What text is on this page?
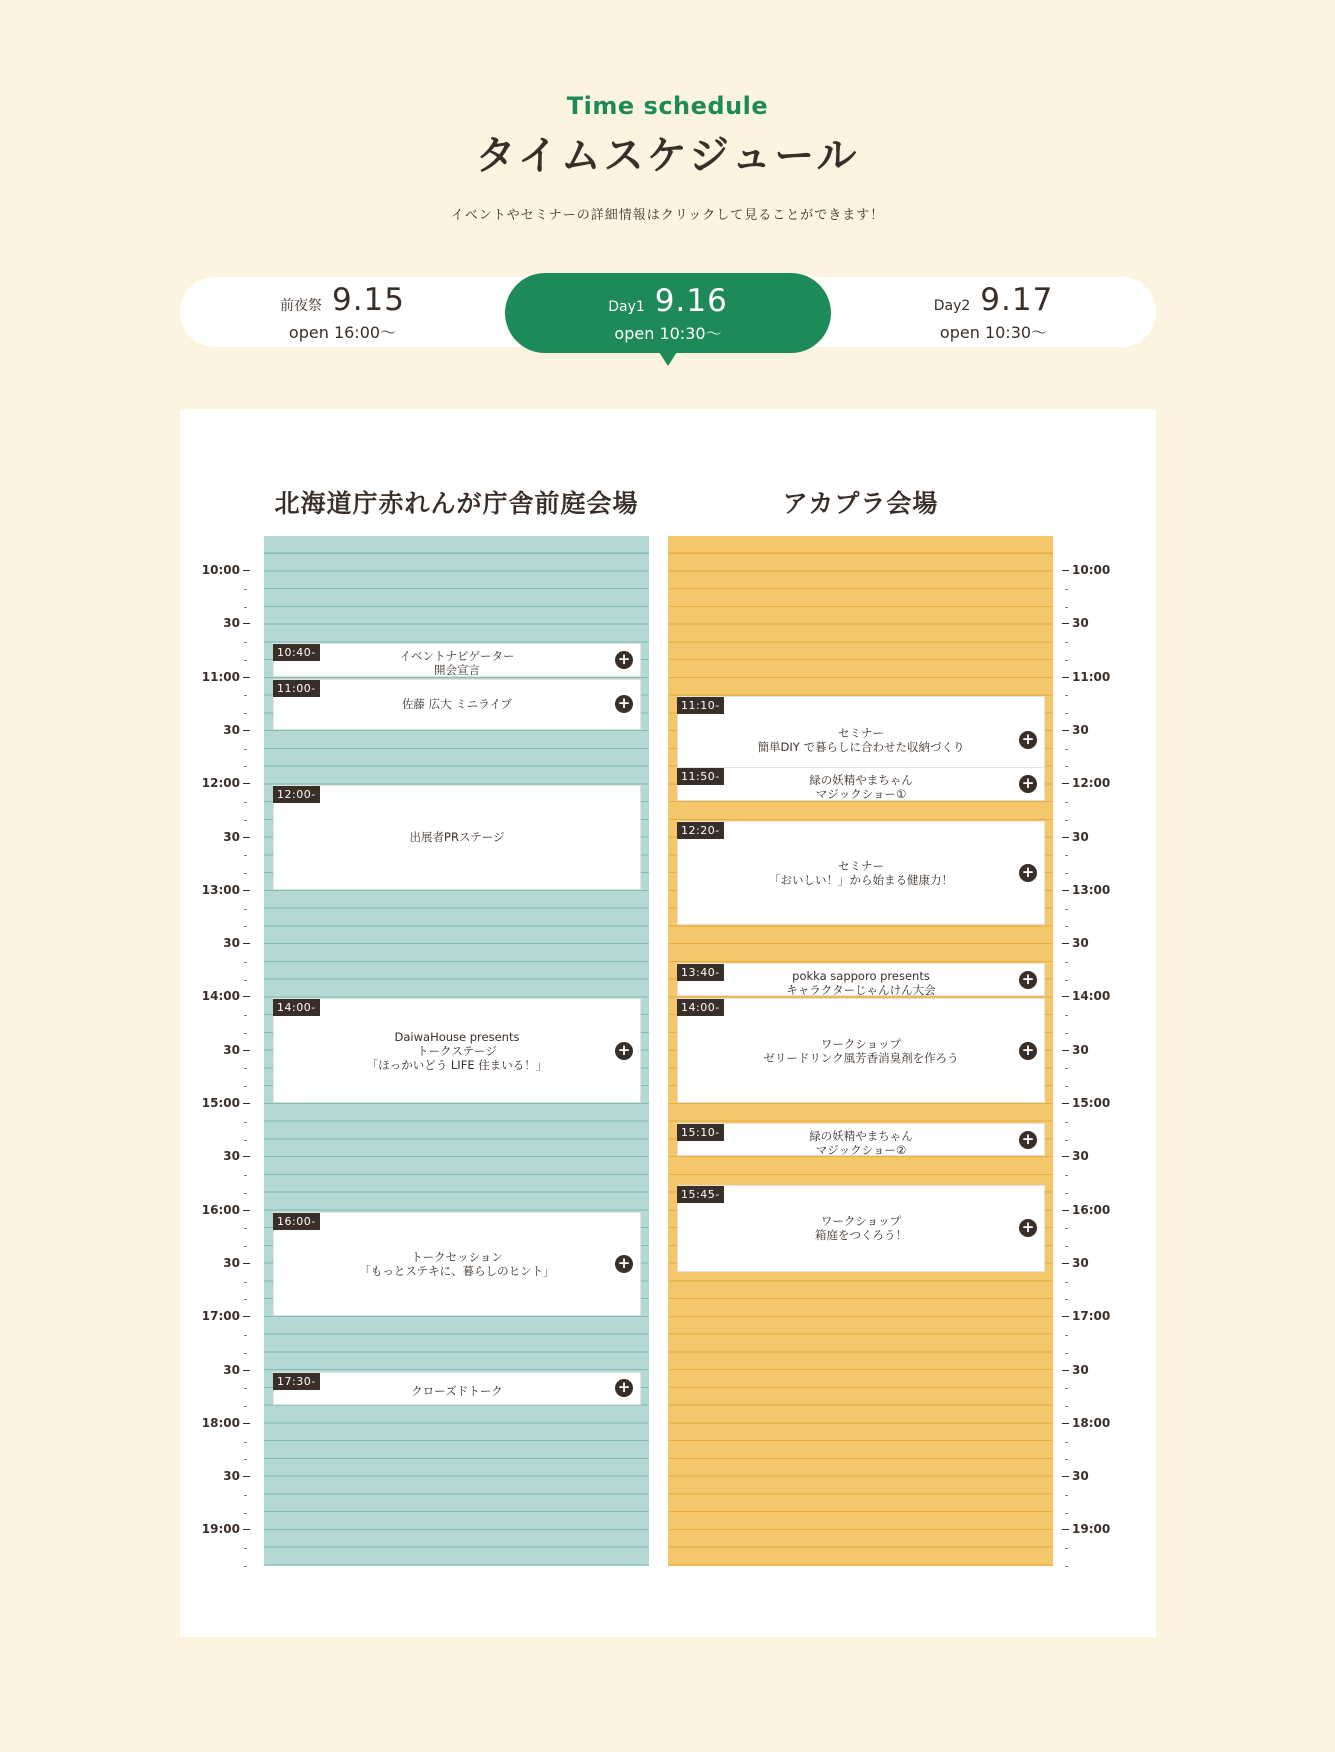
Time schedule
タイムスケジュール
イベントやセミナーの詳細情報はクリックして見ることができます！
前夜祭 9.15
open 16:00〜
Day1 9.16
open 10:30〜
Day2 9.17
open 10:30〜
北海道庁赤れんが庁舎前庭会場	アカプラ会場
10:00	10:00
30	30
11:00	11:00
30	30
12:00	12:00
30	30
13:00	13:00
30	30
14:00	14:00
30	30
15:00	15:00
30	30
16:00	16:00
30	30
17:00	17:00
30	30
18:00	18:00
30	30
19:00	19:00
10:40-	イベントナビゲーター
開会宣言
+
11:00-
佐藤 広大 ミニライブ	+
12:00-
出展者PRステージ
14:00-
DaiwaHouse presents
トークステージ
「ほっかいどう LIFE 住まいる！」
+
16:00-
トークセッション
「もっとステキに、暮らしのヒント」	+
17:30-
クローズドトーク	+
11:10-
セミナー
簡単DIY で暮らしに合わせた収納づくり	+
11:50-	緑の妖精やまちゃん
マジックショー①
+
12:20-
セミナー
「おいしい！」から始まる健康力！	+
13:40-	pokka sapporo presents
キャラクターじゃんけん大会
+
14:00-
ワークショップ
ゼリードリンク風芳香消臭剤を作ろう	+
15:10-	緑の妖精やまちゃん
マジックショー②
+
15:45-
ワークショップ
箱庭をつくろう！	+
